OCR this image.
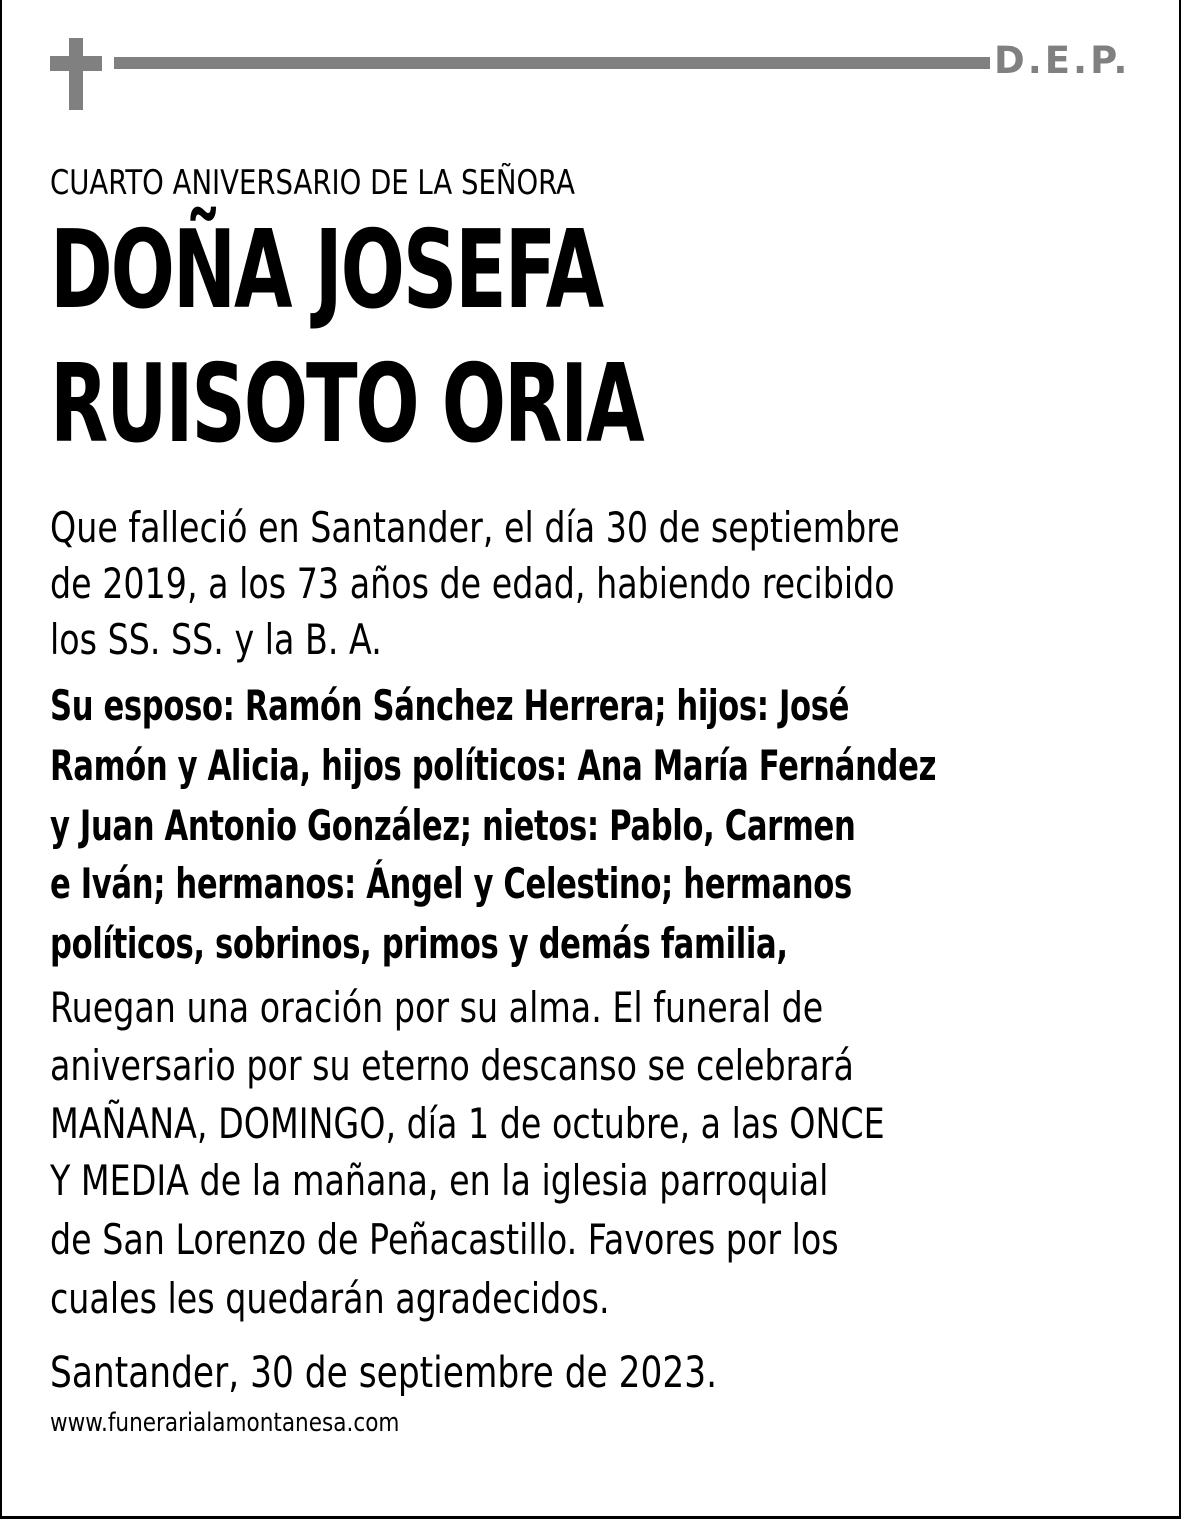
D.E.P.
CUARTO ANIVERSARIO DE LA SEÑORA
DOÑA JOSEFA
RUISOTO ORIA
Que falleció en Santander, el día 30 de septiembre
de 2019, a los 73 años de edad, habiendo recibido
los SS. SS. y la B. A.
Su esposo: Ramón Sánchez Herrera; hijos: José
Ramón y Alicia, hijos políticos: Ana María Fernández
y Juan Antonio González; nietos: Pablo, Carmen
e Iván; hermanos: Ángel y Celestino; hermanos
políticos, sobrinos, primos y demás familia,
Ruegan una oración por su alma. El funeral de
aniversario por su eterno descanso se celebrará
MAÑANA, DOMINGO, día 1 de octubre, a las ONCE
Y MEDIA de la mañana, en la iglesia parroquial
de San Lorenzo de Peñacastillo. Favores por los
cuales les quedarán agradecidos.
Santander, 30 de septiembre de 2023.
www.funerarialamontanesa.com
